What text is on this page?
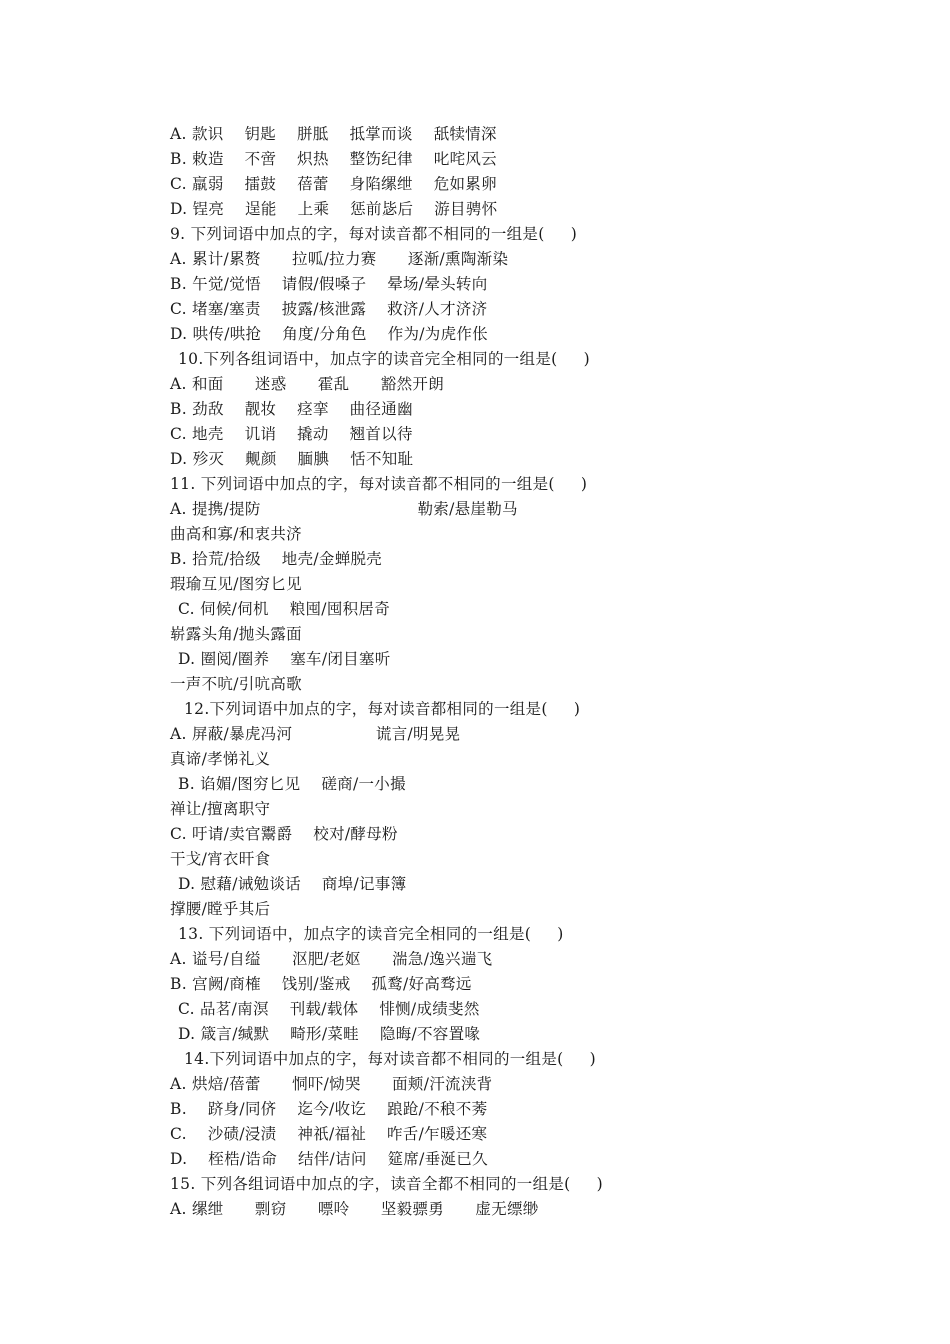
A. 款识    钥匙    胼胝    抵掌而谈    舐犊情深
B. 敕造    不啻    炽热    整饬纪律    叱咤风云
C. 羸弱    擂鼓    蓓蕾    身陷缧绁    危如累卵
D. 锃亮    逞能    上乘    惩前毖后    游目骋怀
9. 下列词语中加点的字，每对读音都不相同的一组是(     )
A. 累计/累赘      拉呱/拉力赛      逐渐/熏陶渐染
B. 午觉/觉悟    请假/假嗓子    晕场/晕头转向
C. 堵塞/塞责    披露/核泄露    救济/人才济济
D. 哄传/哄抢    角度/分角色    作为/为虎作伥
10.下列各组词语中，加点字的读音完全相同的一组是(     )
A. 和面      迷惑      霍乱      豁然开朗
B. 劲敌    靓妆    痉挛    曲径通幽
C. 地壳    讥诮    撬动    翘首以待
D. 殄灭    觍颜    腼腆    恬不知耻
11. 下列词语中加点的字，每对读音都不相同的一组是(     )
A. 提携/提防                              勒索/悬崖勒马
曲高和寡/和衷共济
B. 拾荒/拾级    地壳/金蝉脱壳
瑕瑜互见/图穷匕见
C. 伺候/伺机    粮囤/囤积居奇
崭露头角/抛头露面
D. 圈阅/圈养    塞车/闭目塞听
一声不吭/引吭高歌
12.下列词语中加点的字，每对读音都相同的一组是(     )
A. 屏蔽/暴虎冯河                谎言/明晃晃
真谛/孝悌礼义
B. 谄媚/图穷匕见    磋商/一小撮
禅让/擅离职守
C. 吁请/卖官鬻爵    校对/酵母粉
干戈/宵衣旰食
D. 慰藉/诫勉谈话    商埠/记事簿
撑腰/瞠乎其后
13. 下列词语中，加点字的读音完全相同的一组是(     )
A. 谥号/自缢      沤肥/老妪      湍急/逸兴遄飞
B. 宫阙/商榷    饯别/鉴戒    孤鹜/好高骛远
C. 品茗/南溟    刊载/载体    悱恻/成绩斐然
D. 箴言/缄默    畸形/菜畦    隐晦/不容置喙
14.下列词语中加点的字，每对读音都不相同的一组是(     )
A. 烘焙/蓓蕾      恫吓/恸哭      面颊/汗流浃背
B.    跻身/同侪    迄今/收讫    踉跄/不稂不莠
C.    沙碛/浸渍    神祇/福祉    咋舌/乍暖还寒
D.    桎梏/诰命    结伴/诘问    筵席/垂涎已久
15. 下列各组词语中加点的字，读音全都不相同的一组是(     )
A. 缧绁      剽窃      嘌呤      坚毅骠勇      虚无缥缈
